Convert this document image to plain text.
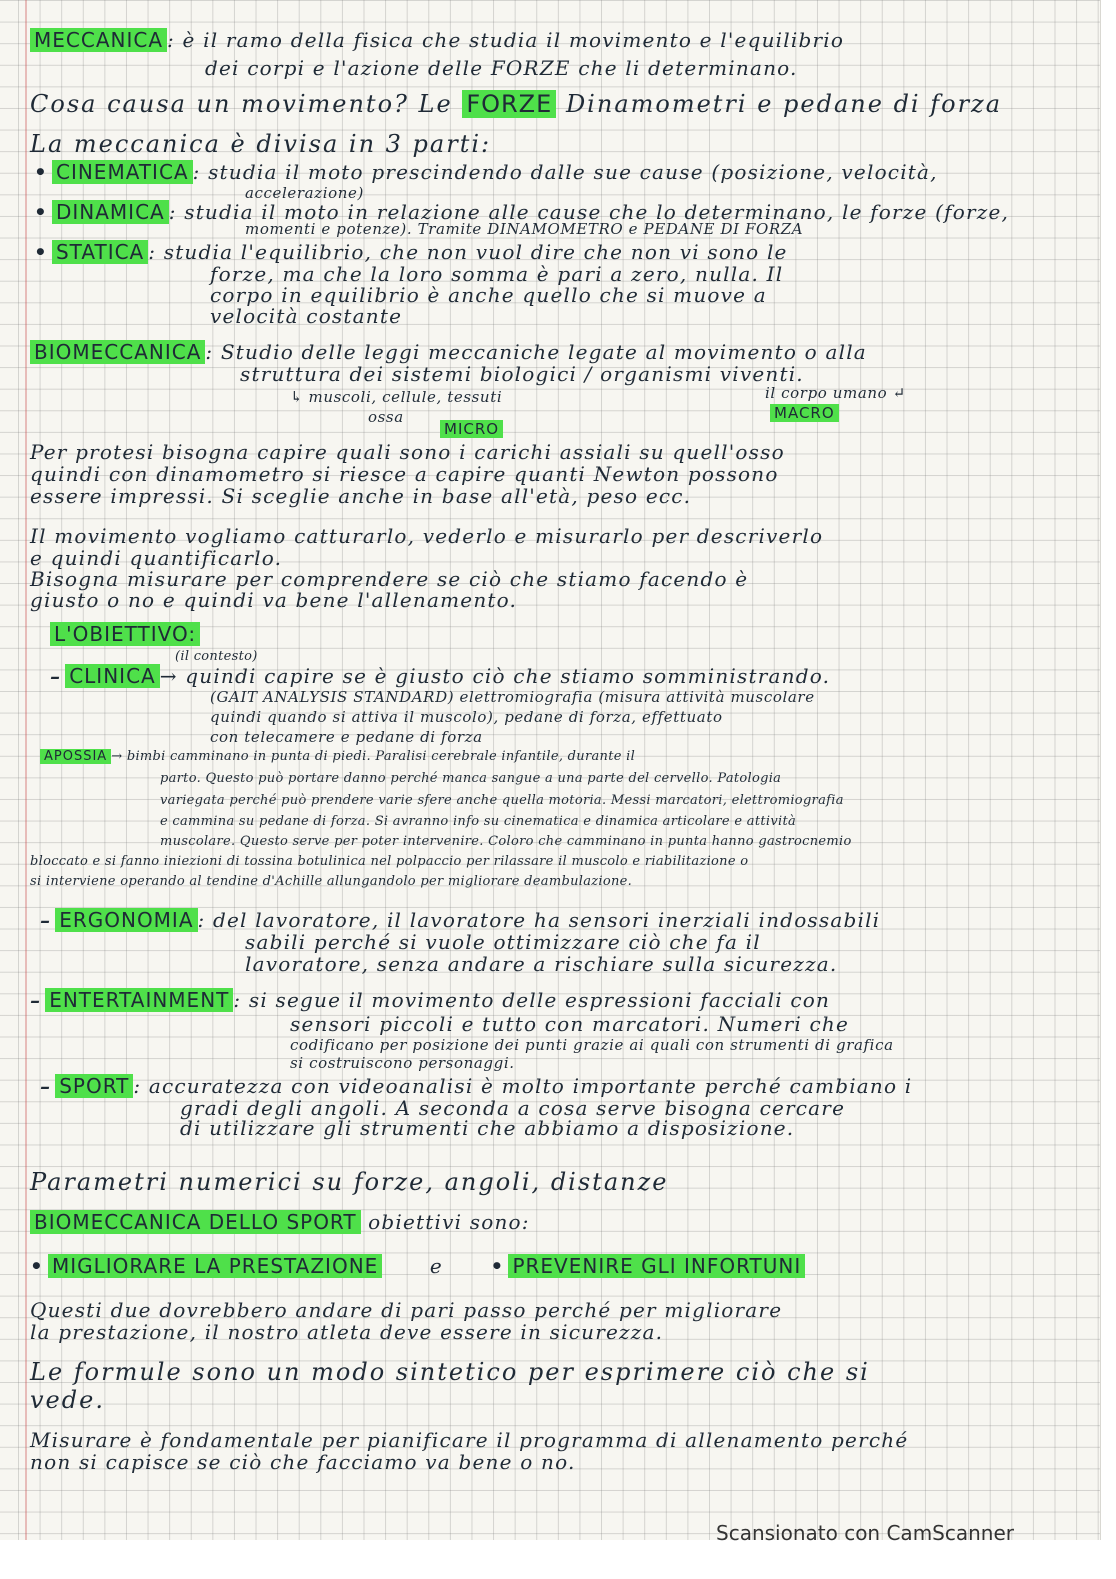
MECCANICA : è il ramo della fisica che studia il movimento e l'equilibrio
dei corpi e l'azione delle FORZE che li determinano.
Cosa causa un movimento? Le FORZE Dinamometri e pedane di forza
La meccanica è divisa in 3 parti:
• CINEMATICA : studia il moto prescindendo dalle sue cause (posizione, velocità,
accelerazione)
• DINAMICA : studia il moto in relazione alle cause che lo determinano, le forze (forze,
momenti e potenze). Tramite DINAMOMETRO e PEDANE DI FORZA
• STATICA : studia l'equilibrio, che non vuol dire che non vi sono le
forze, ma che la loro somma è pari a zero, nulla. Il
corpo in equilibrio è anche quello che si muove a
velocità costante
BIOMECCANICA : Studio delle leggi meccaniche legate al movimento o alla
struttura dei sistemi biologici / organismi viventi.
↳ muscoli, cellule, tessuti	il corpo umano ↵
ossa	MACRO
MICRO
Per protesi bisogna capire quali sono i carichi assiali su quell'osso
quindi con dinamometro si riesce a capire quanti Newton possono
essere impressi. Si sceglie anche in base all'età, peso ecc.
Il movimento vogliamo catturarlo, vederlo e misurarlo per descriverlo
e quindi quantificarlo.
Bisogna misurare per comprendere se ciò che stiamo facendo è
giusto o no e quindi va bene l'allenamento.
L'OBIETTIVO:
(il contesto)
– CLINICA → quindi capire se è giusto ciò che stiamo somministrando.
(GAIT ANALYSIS STANDARD) elettromiografia (misura attività muscolare
quindi quando si attiva il muscolo), pedane di forza, effettuato
con telecamere e pedane di forza
APOSSIA → bimbi camminano in punta di piedi. Paralisi cerebrale infantile, durante il
parto. Questo può portare danno perché manca sangue a una parte del cervello. Patologia
variegata perché può prendere varie sfere anche quella motoria. Messi marcatori, elettromiografia
e cammina su pedane di forza. Si avranno info su cinematica e dinamica articolare e attività
muscolare. Questo serve per poter intervenire. Coloro che camminano in punta hanno gastrocnemio
bloccato e si fanno iniezioni di tossina botulinica nel polpaccio per rilassare il muscolo e riabilitazione o
si interviene operando al tendine d'Achille allungandolo per migliorare deambulazione.
– ERGONOMIA : del lavoratore, il lavoratore ha sensori inerziali indossabili
sabili perché si vuole ottimizzare ciò che fa il
lavoratore, senza andare a rischiare sulla sicurezza.
– ENTERTAINMENT : si segue il movimento delle espressioni facciali con
sensori piccoli e tutto con marcatori. Numeri che
codificano per posizione dei punti grazie ai quali con strumenti di grafica
si costruiscono personaggi.
– SPORT : accuratezza con videoanalisi è molto importante perché cambiano i
gradi degli angoli. A seconda a cosa serve bisogna cercare
di utilizzare gli strumenti che abbiamo a disposizione.
Parametri numerici su forze, angoli, distanze
BIOMECCANICA DELLO SPORT obiettivi sono:
• MIGLIORARE LA PRESTAZIONE	e • PREVENIRE GLI INFORTUNI
Questi due dovrebbero andare di pari passo perché per migliorare
la prestazione, il nostro atleta deve essere in sicurezza.
Le formule sono un modo sintetico per esprimere ciò che si
vede.
Misurare è fondamentale per pianificare il programma di allenamento perché
non si capisce se ciò che facciamo va bene o no.
Scansionato con CamScanner
